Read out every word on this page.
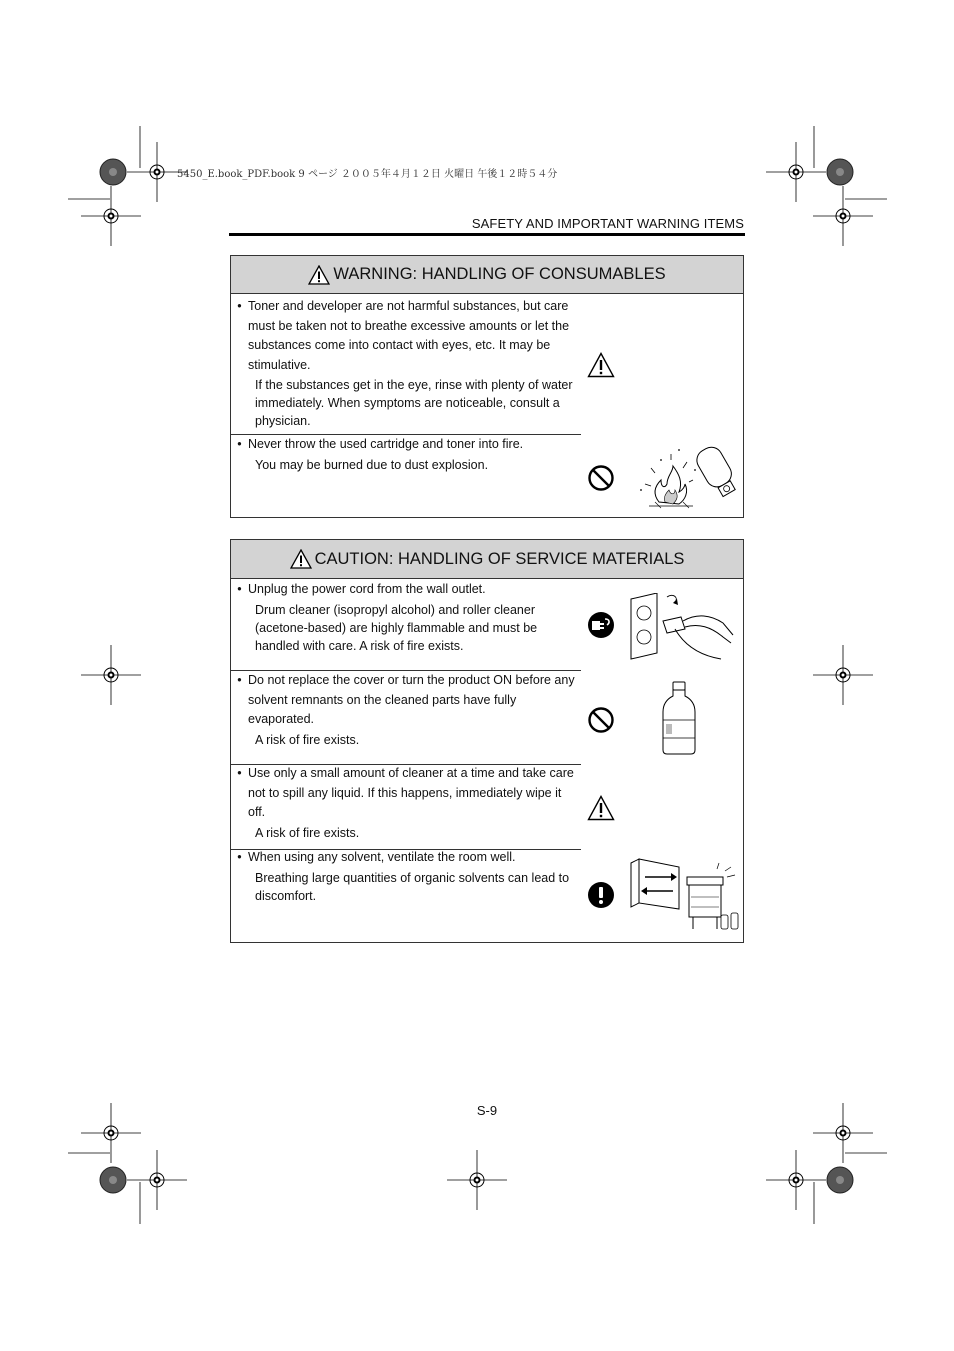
5450_E.book_PDF.book 9 ページ ２００５年４月１２日 火曜日 午後１２時５４分
SAFETY AND IMPORTANT WARNING ITEMS
WARNING: HANDLING OF CONSUMABLES
• Toner and developer are not harmful substances, but care must be taken not to breathe excessive amounts or let the substances come into contact with eyes, etc. It may be stimulative.
If the substances get in the eye, rinse with plenty of water immediately. When symptoms are noticeable, consult a physician.
• Never throw the used cartridge and toner into fire.
You may be burned due to dust explosion.
CAUTION: HANDLING OF SERVICE MATERIALS
• Unplug the power cord from the wall outlet.
Drum cleaner (isopropyl alcohol) and roller cleaner (acetone-based) are highly flammable and must be handled with care. A risk of fire exists.
• Do not replace the cover or turn the product ON before any solvent remnants on the cleaned parts have fully evaporated.
A risk of fire exists.
• Use only a small amount of cleaner at a time and take care not to spill any liquid. If this happens, immediately wipe it off.
A risk of fire exists.
• When using any solvent, ventilate the room well.
Breathing large quantities of organic solvents can lead to discomfort.
S-9
